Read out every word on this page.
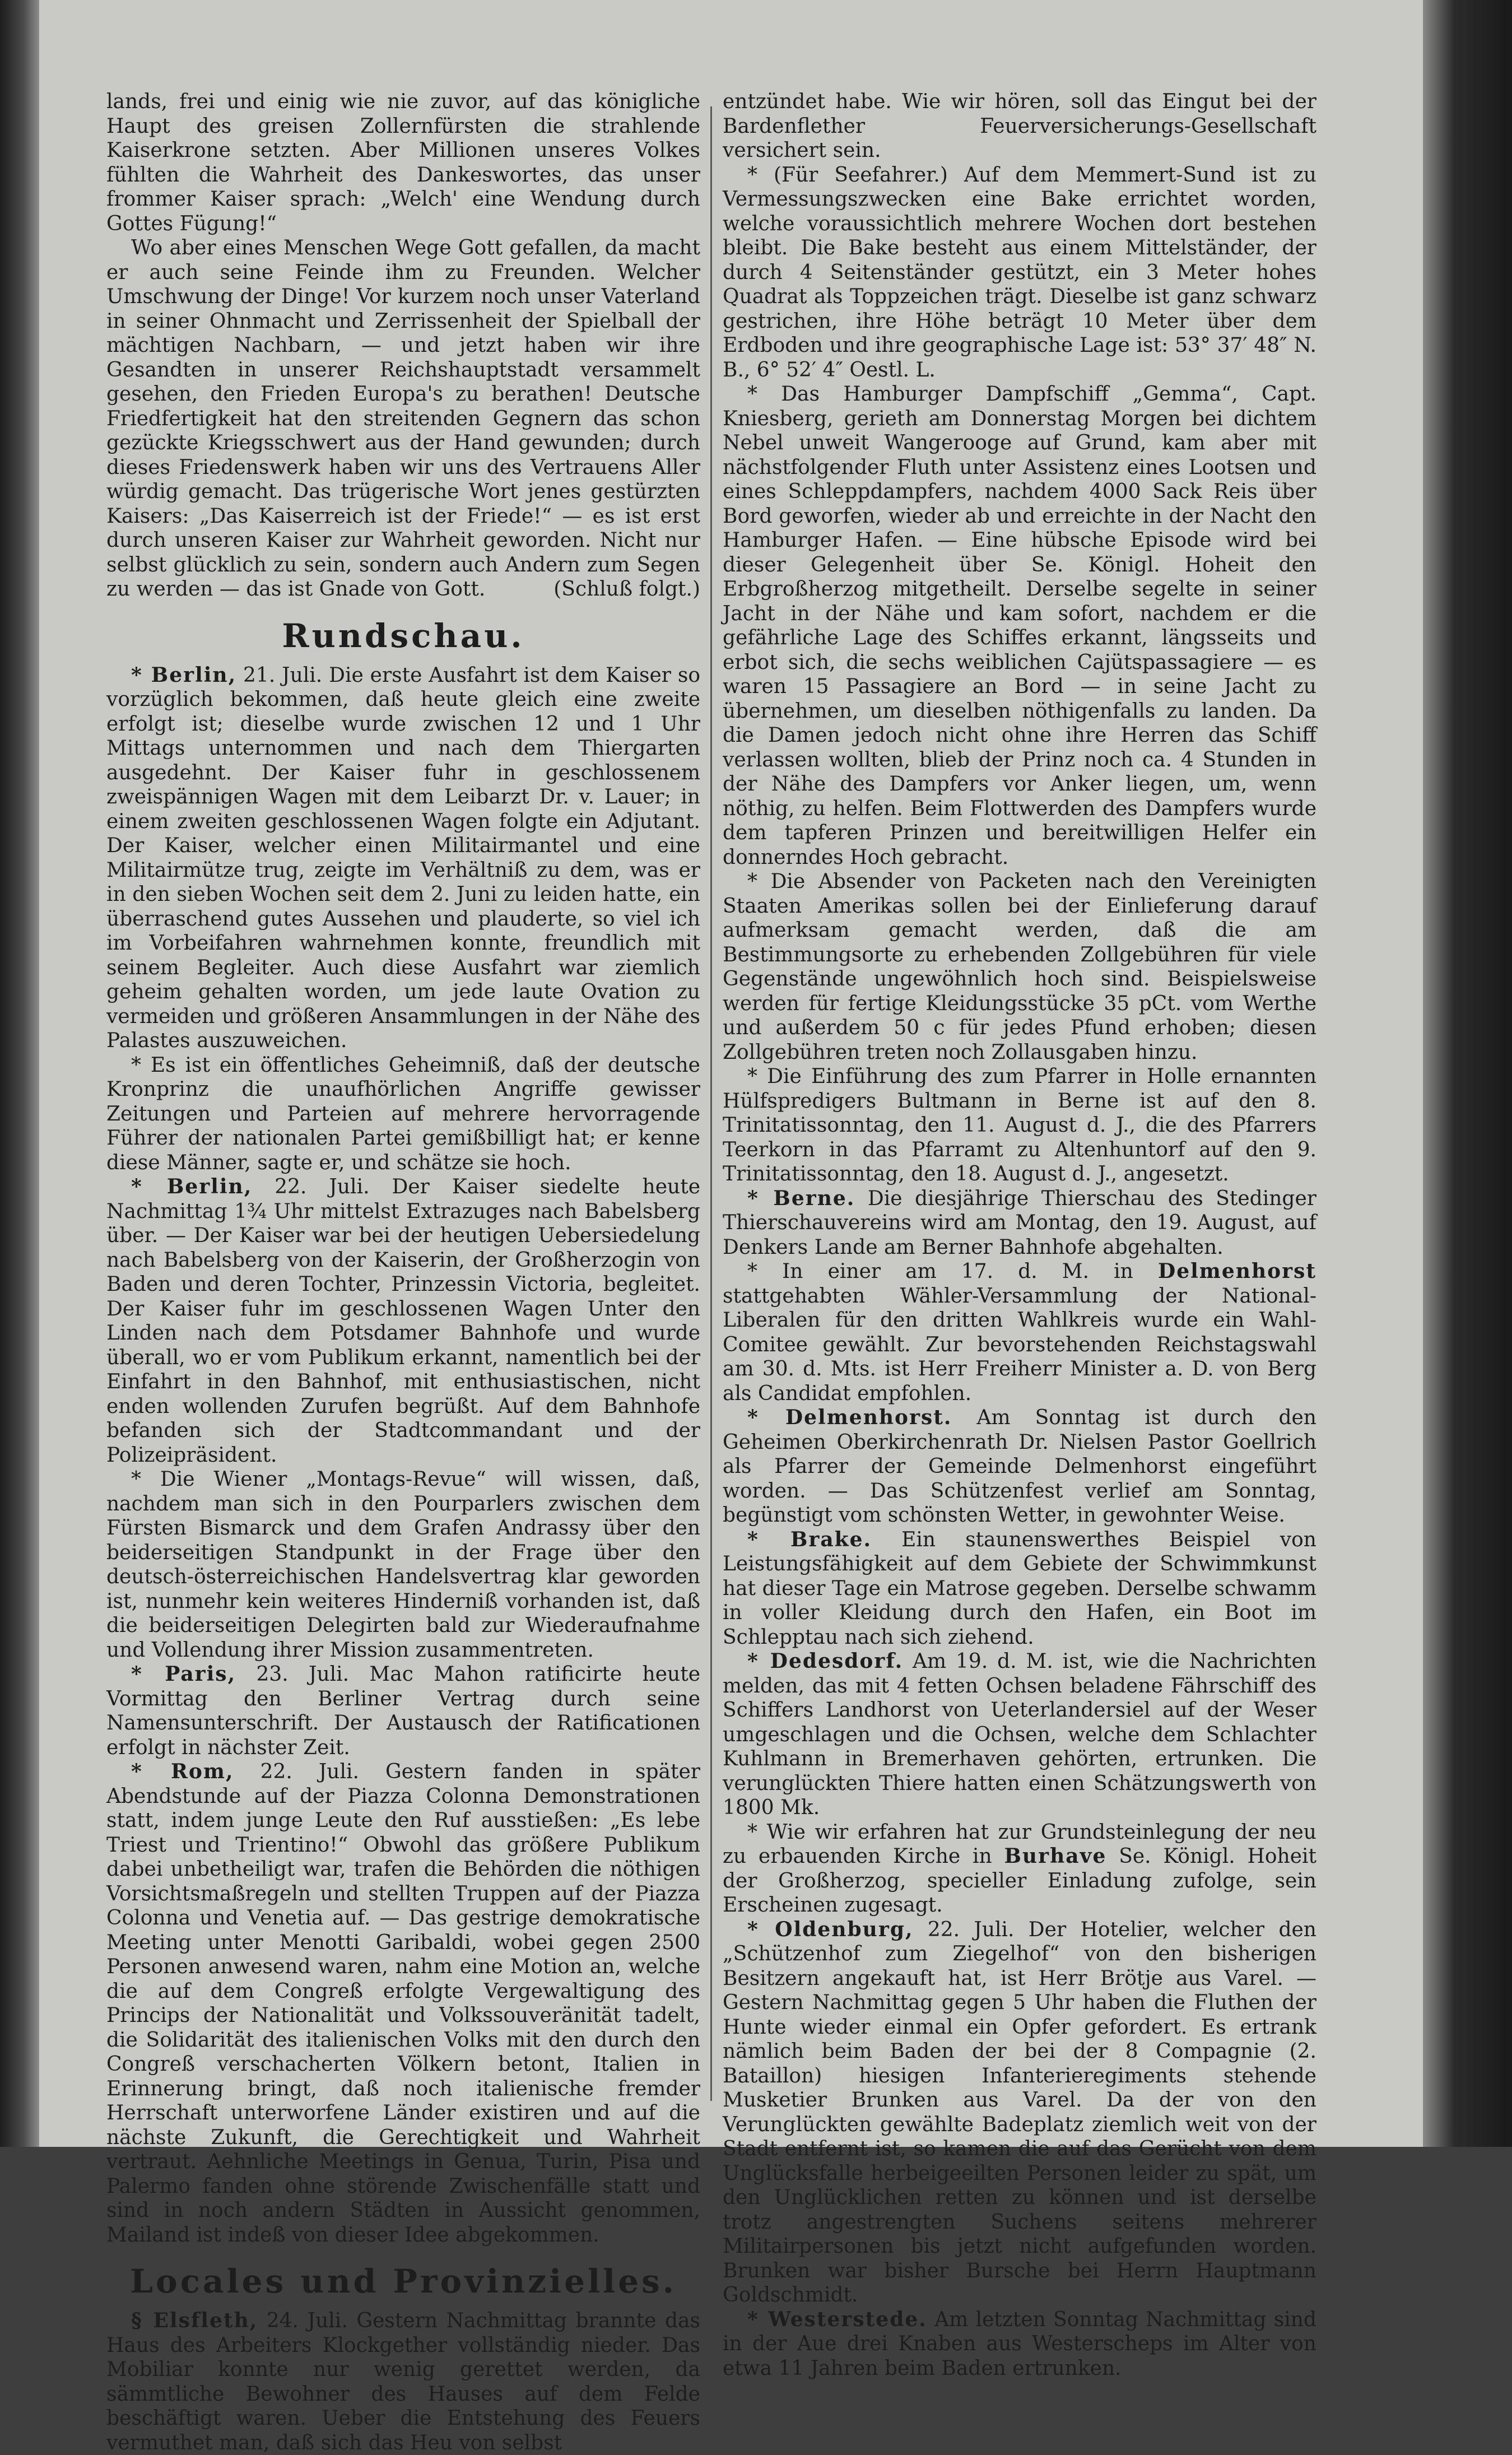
lands, frei und einig wie nie zuvor, auf das königliche Haupt des greisen Zollernfürsten die strahlende Kaiserkrone setzten. Aber Millionen unseres Volkes fühlten die Wahrheit des Dankeswortes, das unser frommer Kaiser sprach: „Welch' eine Wendung durch Gottes Fügung!“

Wo aber eines Menschen Wege Gott gefallen, da macht er auch seine Feinde ihm zu Freunden. Welcher Umschwung der Dinge! Vor kurzem noch unser Vaterland in seiner Ohnmacht und Zerrissenheit der Spielball der mächtigen Nachbarn, — und jetzt haben wir ihre Gesandten in unserer Reichshauptstadt versammelt gesehen, den Frieden Europa's zu berathen! Deutsche Friedfertigkeit hat den streitenden Gegnern das schon gezückte Kriegsschwert aus der Hand gewunden; durch dieses Friedenswerk haben wir uns des Vertrauens Aller würdig gemacht. Das trügerische Wort jenes gestürzten Kaisers: „Das Kaiserreich ist der Friede!“ — es ist erst durch unseren Kaiser zur Wahrheit geworden. Nicht nur selbst glücklich zu sein, sondern auch Andern zum Segen zu werden — das ist Gnade von Gott.	(Schluß folgt.)

Rundschau.

* Berlin, 21. Juli. Die erste Ausfahrt ist dem Kaiser so vorzüglich bekommen, daß heute gleich eine zweite erfolgt ist; dieselbe wurde zwischen 12 und 1 Uhr Mittags unternommen und nach dem Thiergarten ausgedehnt. Der Kaiser fuhr in geschlossenem zweispännigen Wagen mit dem Leibarzt Dr. v. Lauer; in einem zweiten geschlossenen Wagen folgte ein Adjutant. Der Kaiser, welcher einen Militairmantel und eine Militairmütze trug, zeigte im Verhältniß zu dem, was er in den sieben Wochen seit dem 2. Juni zu leiden hatte, ein überraschend gutes Aussehen und plauderte, so viel ich im Vorbeifahren wahrnehmen konnte, freundlich mit seinem Begleiter. Auch diese Ausfahrt war ziemlich geheim gehalten worden, um jede laute Ovation zu vermeiden und größeren Ansammlungen in der Nähe des Palastes auszuweichen.

* Es ist ein öffentliches Geheimniß, daß der deutsche Kronprinz die unaufhörlichen Angriffe gewisser Zeitungen und Parteien auf mehrere hervorragende Führer der nationalen Partei gemißbilligt hat; er kenne diese Männer, sagte er, und schätze sie hoch.

* Berlin, 22. Juli. Der Kaiser siedelte heute Nachmittag 1¾ Uhr mittelst Extrazuges nach Babelsberg über. — Der Kaiser war bei der heutigen Uebersiedelung nach Babelsberg von der Kaiserin, der Großherzogin von Baden und deren Tochter, Prinzessin Victoria, begleitet. Der Kaiser fuhr im geschlossenen Wagen Unter den Linden nach dem Potsdamer Bahnhofe und wurde überall, wo er vom Publikum erkannt, namentlich bei der Einfahrt in den Bahnhof, mit enthusiastischen, nicht enden wollenden Zurufen begrüßt. Auf dem Bahnhofe befanden sich der Stadtcommandant und der Polizeipräsident.

* Die Wiener „Montags-Revue“ will wissen, daß, nachdem man sich in den Pourparlers zwischen dem Fürsten Bismarck und dem Grafen Andrassy über den beiderseitigen Standpunkt in der Frage über den deutsch-österreichischen Handelsvertrag klar geworden ist, nunmehr kein weiteres Hinderniß vorhanden ist, daß die beiderseitigen Delegirten bald zur Wiederaufnahme und Vollendung ihrer Mission zusammentreten.

* Paris, 23. Juli. Mac Mahon ratificirte heute Vormittag den Berliner Vertrag durch seine Namensunterschrift. Der Austausch der Ratificationen erfolgt in nächster Zeit.

* Rom, 22. Juli. Gestern fanden in später Abendstunde auf der Piazza Colonna Demonstrationen statt, indem junge Leute den Ruf ausstießen: „Es lebe Triest und Trientino!“ Obwohl das größere Publikum dabei unbetheiligt war, trafen die Behörden die nöthigen Vorsichtsmaßregeln und stellten Truppen auf der Piazza Colonna und Venetia auf. — Das gestrige demokratische Meeting unter Menotti Garibaldi, wobei gegen 2500 Personen anwesend waren, nahm eine Motion an, welche die auf dem Congreß erfolgte Vergewaltigung des Princips der Nationalität und Volkssouveränität tadelt, die Solidarität des italienischen Volks mit den durch den Congreß verschacherten Völkern betont, Italien in Erinnerung bringt, daß noch italienische fremder Herrschaft unterworfene Länder existiren und auf die nächste Zukunft, die Gerechtigkeit und Wahrheit vertraut. Aehnliche Meetings in Genua, Turin, Pisa und Palermo fanden ohne störende Zwischenfälle statt und sind in noch andern Städten in Aussicht genommen, Mailand ist indeß von dieser Idee abgekommen.

Locales und Provinzielles.

§ Elsfleth, 24. Juli. Gestern Nachmittag brannte das Haus des Arbeiters Klockgether vollständig nieder. Das Mobiliar konnte nur wenig gerettet werden, da sämmtliche Bewohner des Hauses auf dem Felde beschäftigt waren. Ueber die Entstehung des Feuers vermuthet man, daß sich das Heu von selbst

entzündet habe. Wie wir hören, soll das Eingut bei der Bardenflether Feuerversicherungs-Gesellschaft versichert sein.

* (Für Seefahrer.) Auf dem Memmert-Sund ist zu Vermessungszwecken eine Bake errichtet worden, welche voraussichtlich mehrere Wochen dort bestehen bleibt. Die Bake besteht aus einem Mittelständer, der durch 4 Seitenständer gestützt, ein 3 Meter hohes Quadrat als Toppzeichen trägt. Dieselbe ist ganz schwarz gestrichen, ihre Höhe beträgt 10 Meter über dem Erdboden und ihre geographische Lage ist: 53° 37′ 48″ N. B., 6° 52′ 4″ Oestl. L.

* Das Hamburger Dampfschiff „Gemma“, Capt. Kniesberg, gerieth am Donnerstag Morgen bei dichtem Nebel unweit Wangerooge auf Grund, kam aber mit nächstfolgender Fluth unter Assistenz eines Lootsen und eines Schleppdampfers, nachdem 4000 Sack Reis über Bord geworfen, wieder ab und erreichte in der Nacht den Hamburger Hafen. — Eine hübsche Episode wird bei dieser Gelegenheit über Se. Königl. Hoheit den Erbgroßherzog mitgetheilt. Derselbe segelte in seiner Jacht in der Nähe und kam sofort, nachdem er die gefährliche Lage des Schiffes erkannt, längsseits und erbot sich, die sechs weiblichen Cajütspassagiere — es waren 15 Passagiere an Bord — in seine Jacht zu übernehmen, um dieselben nöthigenfalls zu landen. Da die Damen jedoch nicht ohne ihre Herren das Schiff verlassen wollten, blieb der Prinz noch ca. 4 Stunden in der Nähe des Dampfers vor Anker liegen, um, wenn nöthig, zu helfen. Beim Flottwerden des Dampfers wurde dem tapferen Prinzen und bereitwilligen Helfer ein donnerndes Hoch gebracht.

* Die Absender von Packeten nach den Vereinigten Staaten Amerikas sollen bei der Einlieferung darauf aufmerksam gemacht werden, daß die am Bestimmungsorte zu erhebenden Zollgebühren für viele Gegenstände ungewöhnlich hoch sind. Beispielsweise werden für fertige Kleidungsstücke 35 pCt. vom Werthe und außerdem 50 c für jedes Pfund erhoben; diesen Zollgebühren treten noch Zollausgaben hinzu.

* Die Einführung des zum Pfarrer in Holle ernannten Hülfspredigers Bultmann in Berne ist auf den 8. Trinitatissonntag, den 11. August d. J., die des Pfarrers Teerkorn in das Pfarramt zu Altenhuntorf auf den 9. Trinitatissonntag, den 18. August d. J., angesetzt.

* Berne. Die diesjährige Thierschau des Stedinger Thierschauvereins wird am Montag, den 19. August, auf Denkers Lande am Berner Bahnhofe abgehalten.

* In einer am 17. d. M. in Delmenhorst stattgehabten Wähler-Versammlung der National-Liberalen für den dritten Wahlkreis wurde ein Wahl-Comitee gewählt. Zur bevorstehenden Reichstagswahl am 30. d. Mts. ist Herr Freiherr Minister a. D. von Berg als Candidat empfohlen.

* Delmenhorst. Am Sonntag ist durch den Geheimen Oberkirchenrath Dr. Nielsen Pastor Goellrich als Pfarrer der Gemeinde Delmenhorst eingeführt worden. — Das Schützenfest verlief am Sonntag, begünstigt vom schönsten Wetter, in gewohnter Weise.

* Brake. Ein staunenswerthes Beispiel von Leistungsfähigkeit auf dem Gebiete der Schwimmkunst hat dieser Tage ein Matrose gegeben. Derselbe schwamm in voller Kleidung durch den Hafen, ein Boot im Schlepptau nach sich ziehend.

* Dedesdorf. Am 19. d. M. ist, wie die Nachrichten melden, das mit 4 fetten Ochsen beladene Fährschiff des Schiffers Landhorst von Ueterlandersiel auf der Weser umgeschlagen und die Ochsen, welche dem Schlachter Kuhlmann in Bremerhaven gehörten, ertrunken. Die verunglückten Thiere hatten einen Schätzungswerth von 1800 Mk.

* Wie wir erfahren hat zur Grundsteinlegung der neu zu erbauenden Kirche in Burhave Se. Königl. Hoheit der Großherzog, specieller Einladung zufolge, sein Erscheinen zugesagt.

* Oldenburg, 22. Juli. Der Hotelier, welcher den „Schützenhof zum Ziegelhof“ von den bisherigen Besitzern angekauft hat, ist Herr Brötje aus Varel. — Gestern Nachmittag gegen 5 Uhr haben die Fluthen der Hunte wieder einmal ein Opfer gefordert. Es ertrank nämlich beim Baden der bei der 8 Compagnie (2. Bataillon) hiesigen Infanterieregiments stehende Musketier Brunken aus Varel. Da der von den Verunglückten gewählte Badeplatz ziemlich weit von der Stadt entfernt ist, so kamen die auf das Gerücht von dem Unglücksfalle herbeigeeilten Personen leider zu spät, um den Unglücklichen retten zu können und ist derselbe trotz angestrengten Suchens seitens mehrerer Militairpersonen bis jetzt nicht aufgefunden worden. Brunken war bisher Bursche bei Herrn Hauptmann Goldschmidt.

* Westerstede. Am letzten Sonntag Nachmittag sind in der Aue drei Knaben aus Westerscheps im Alter von etwa 11 Jahren beim Baden ertrunken.
